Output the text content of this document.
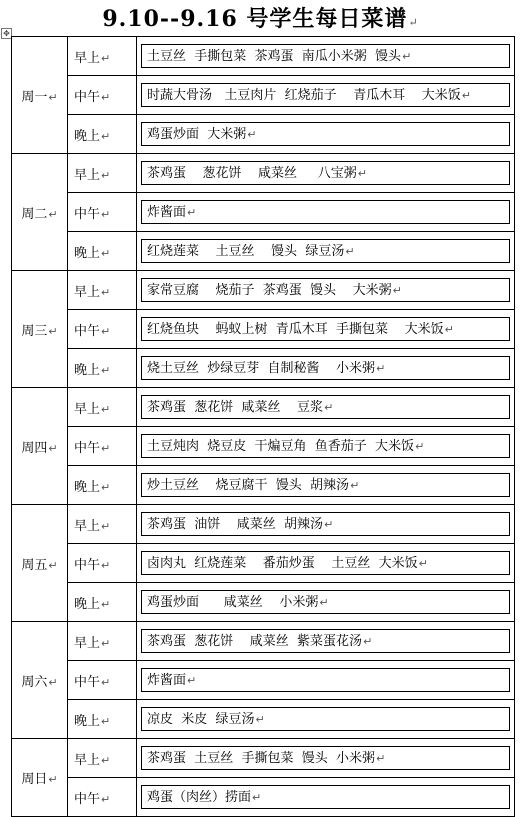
9.10--9.16 号学生每日菜谱↵
✥
周一↵	早上↵	土豆丝  手撕包菜  茶鸡蛋  南瓜小米粥  馒头↵

	中午↵	时蔬大骨汤   土豆肉片  红烧茄子    青瓜木耳    大米饭↵

	晚上↵	鸡蛋炒面  大米粥↵

周二↵	早上↵	茶鸡蛋    葱花饼    咸菜丝     八宝粥↵

	中午↵	炸酱面↵

	晚上↵	红烧莲菜    土豆丝    馒头  绿豆汤↵

周三↵	早上↵	家常豆腐    烧茄子  茶鸡蛋  馒头    大米粥↵

	中午↵	红烧鱼块    蚂蚁上树  青瓜木耳  手撕包菜    大米饭↵

	晚上↵	烧土豆丝  炒绿豆芽  自制秘酱    小米粥↵

周四↵	早上↵	茶鸡蛋  葱花饼  咸菜丝    豆浆↵

	中午↵	土豆炖肉  烧豆皮  干煸豆角  鱼香茄子  大米饭↵

	晚上↵	炒土豆丝    烧豆腐干  馒头  胡辣汤↵

周五↵	早上↵	茶鸡蛋  油饼    咸菜丝  胡辣汤↵

	中午↵	卤肉丸  红烧莲菜    番茄炒蛋    土豆丝  大米饭↵

	晚上↵	鸡蛋炒面      咸菜丝    小米粥↵

周六↵	早上↵	茶鸡蛋  葱花饼    咸菜丝  紫菜蛋花汤↵

	中午↵	炸酱面↵

	晚上↵	凉皮  米皮  绿豆汤↵

周日↵	早上↵	茶鸡蛋  土豆丝  手撕包菜  馒头  小米粥↵

	中午↵	鸡蛋（肉丝）捞面↵
